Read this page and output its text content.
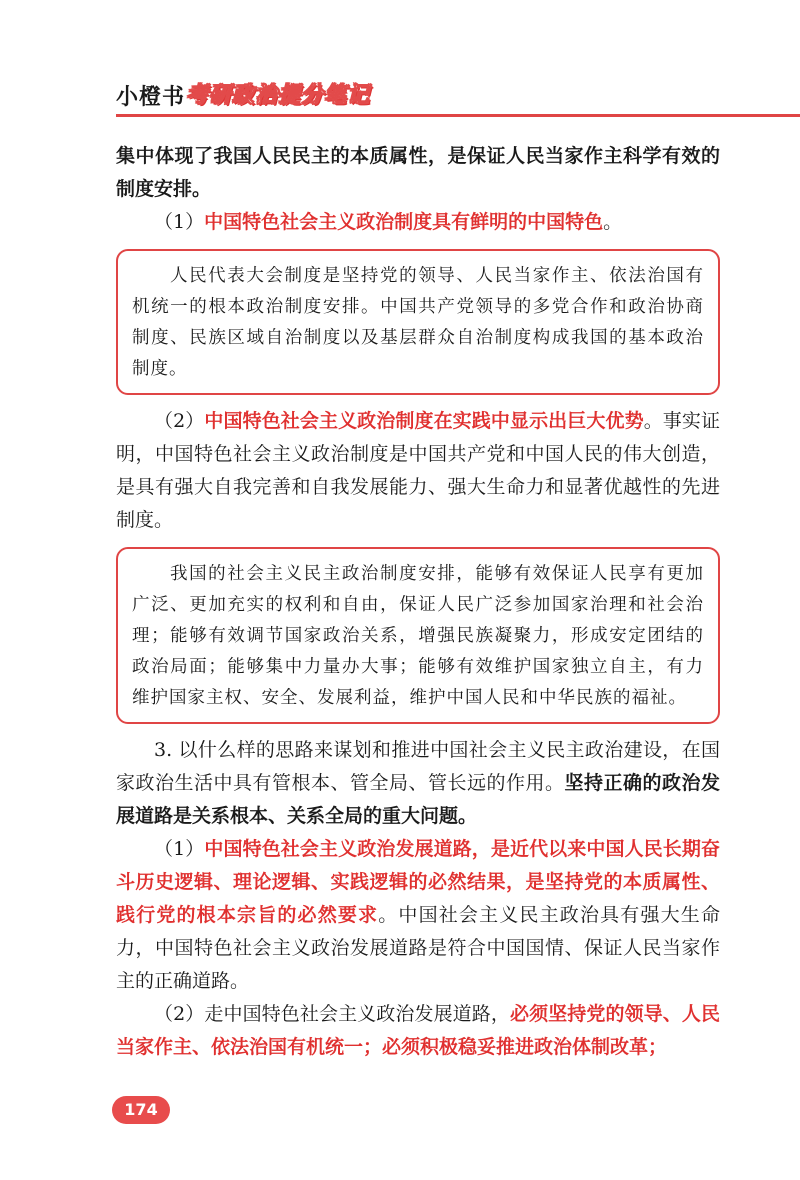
小橙书 考研政治提分笔记

集中体现了我国人民民主的本质属性，是保证人民当家作主科学有效的制度安排。

（1）中国特色社会主义政治制度具有鲜明的中国特色。

人民代表大会制度是坚持党的领导、人民当家作主、依法治国有机统一的根本政治制度安排。中国共产党领导的多党合作和政治协商制度、民族区域自治制度以及基层群众自治制度构成我国的基本政治制度。

（2）中国特色社会主义政治制度在实践中显示出巨大优势。事实证明，中国特色社会主义政治制度是中国共产党和中国人民的伟大创造，是具有强大自我完善和自我发展能力、强大生命力和显著优越性的先进制度。

我国的社会主义民主政治制度安排，能够有效保证人民享有更加广泛、更加充实的权利和自由，保证人民广泛参加国家治理和社会治理；能够有效调节国家政治关系，增强民族凝聚力，形成安定团结的政治局面；能够集中力量办大事；能够有效维护国家独立自主，有力维护国家主权、安全、发展利益，维护中国人民和中华民族的福祉。

3. 以什么样的思路来谋划和推进中国社会主义民主政治建设，在国家政治生活中具有管根本、管全局、管长远的作用。坚持正确的政治发展道路是关系根本、关系全局的重大问题。

（1）中国特色社会主义政治发展道路，是近代以来中国人民长期奋斗历史逻辑、理论逻辑、实践逻辑的必然结果，是坚持党的本质属性、践行党的根本宗旨的必然要求。中国社会主义民主政治具有强大生命力，中国特色社会主义政治发展道路是符合中国国情、保证人民当家作主的正确道路。

（2）走中国特色社会主义政治发展道路，必须坚持党的领导、人民当家作主、依法治国有机统一；必须积极稳妥推进政治体制改革；

174
